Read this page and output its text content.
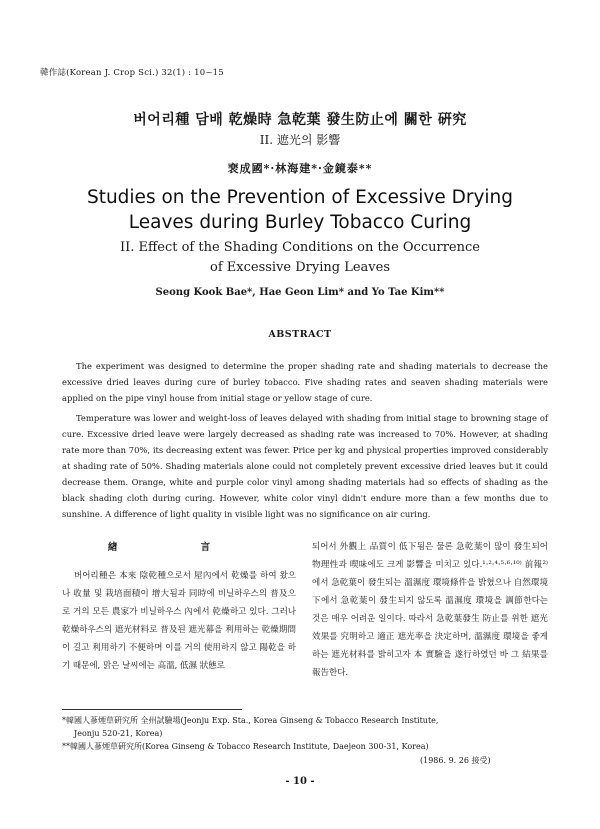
韓作誌(Korean J. Crop Sci.) 32(1) : 10~15
버어리種 담배 乾燥時 急乾葉 發生防止에 關한 硏究
II. 遮光의 影響
裵成國*·林海建*·金鏡泰**
Studies on the Prevention of Excessive Drying
Leaves during Burley Tobacco Curing
II. Effect of the Shading Conditions on the Occurrence
of Excessive Drying Leaves
Seong Kook Bae*, Hae Geon Lim* and Yo Tae Kim**
ABSTRACT

The experiment was designed to determine the proper shading rate and shading materials to decrease the excessive dried leaves during cure of burley tobacco. Five shading rates and seaven shading materials were applied on the pipe vinyl house from initial stage or yellow stage of cure.

Temperature was lower and weight-loss of leaves delayed with shading from initial stage to browning stage of cure. Excessive dried leave were largely decreased as shading rate was increased to 70%. However, at shading rate more than 70%, its decreasing extent was fewer. Price per kg and physical properties improved considerably at shading rate of 50%. Shading materials alone could not completely prevent excessive dried leaves but it could decrease them. Orange, white and purple color vinyl among shading materials had so effects of shading as the black shading cloth during curing. However, white color vinyl didn't endure more than a few months due to sunshine. A difference of light quality in visible light was no significance on air curing.

緖 言

버어리種은 本來 陰乾種으로서 屋內에서 乾燥를 하여 왔으나 收量 및 栽培面積이 增大됨과 同時에 비닐하우스의 普及으로 거의 모든 農家가 비닐하우스 內에서 乾燥하고 있다. 그러나 乾燥하우스의 遮光材料로 普及된 遮光幕을 利用하는 乾燥期間이 길고 利用하기 不便하며 이를 거의 使用하지 않고 陽乾을 하기 때문에, 맑은 날씨에는 高溫, 低濕 狀態로

되어서 外觀上 品質이 低下됨은 물론 急乾葉이 많이 發生되어 物理性과 喫味에도 크게 影響을 미치고 있다.¹·²·⁴·⁵·⁶·¹⁰⁾ 前報²⁾에서 急乾葉이 發生되는 溫濕度 環境條件을 밝혔으나 自然環境 下에서 急乾葉이 發生되지 않도록 溫濕度 環境을 調節한다는 것은 매우 어려운 일이다. 따라서 急乾葉發生 防止를 위한 遮光效果를 究明하고 適正 遮光率을 決定하며, 溫濕度 環境을 좋게 하는 遮光材料를 밝히고자 本 實驗을 遂行하였던 바 그 結果를 報告한다.

*韓國人蔘煙草硏究所 全州試驗場(Jeonju Exp. Sta., Korea Ginseng & Tobacco Research Institute,
Jeonju 520-21, Korea)
**韓國人蔘煙草硏究所(Korea Ginseng & Tobacco Research Institute, Daejeon 300-31, Korea)
(1986. 9. 26 接受)
- 10 -
